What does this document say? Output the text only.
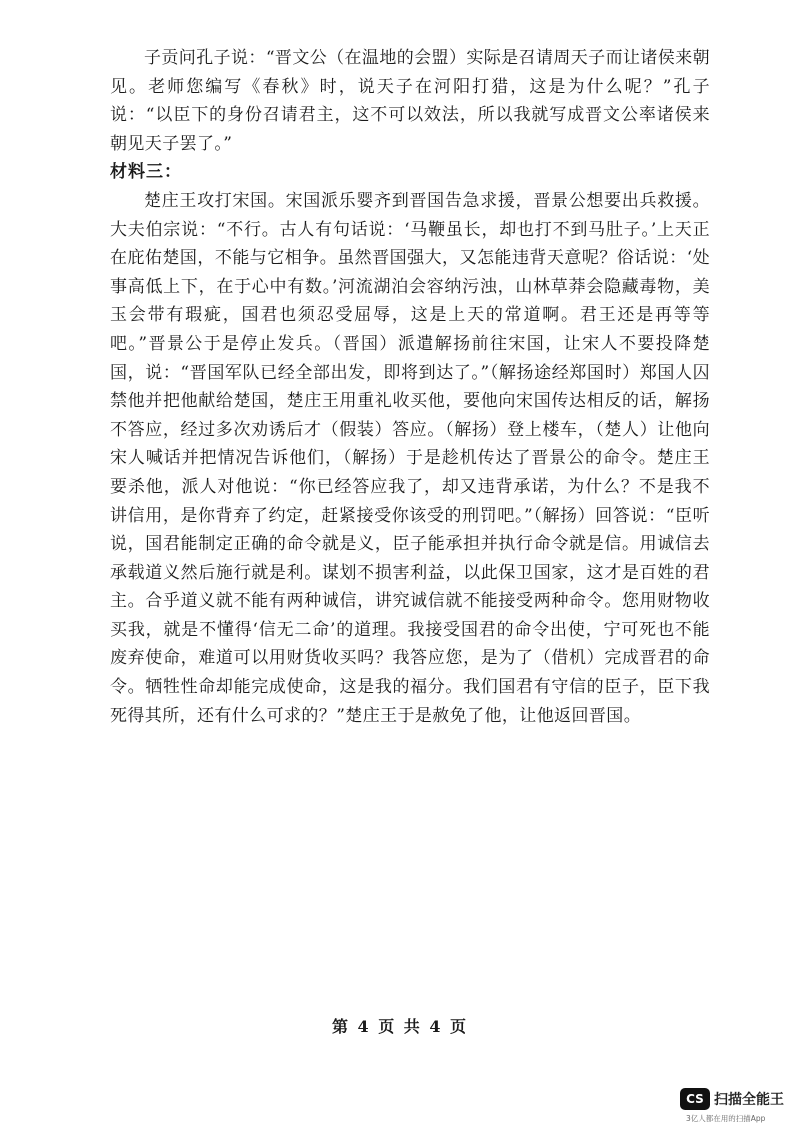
子贡问孔子说：“晋文公（在温地的会盟）实际是召请周天子而让诸侯来朝见。老师您编写《春秋》时，说天子在河阳打猎，这是为什么呢？”孔子说：“以臣下的身份召请君主，这不可以效法，所以我就写成晋文公率诸侯来朝见天子罢了。”

材料三：

楚庄王攻打宋国。宋国派乐婴齐到晋国告急求援，晋景公想要出兵救援。大夫伯宗说：“不行。古人有句话说：‘马鞭虽长，却也打不到马肚子。’上天正在庇佑楚国，不能与它相争。虽然晋国强大，又怎能违背天意呢？俗话说：‘处事高低上下，在于心中有数。’河流湖泊会容纳污浊，山林草莽会隐藏毒物，美玉会带有瑕疵，国君也须忍受屈辱，这是上天的常道啊。君王还是再等等吧。”晋景公于是停止发兵。（晋国）派遣解扬前往宋国，让宋人不要投降楚国，说：“晋国军队已经全部出发，即将到达了。”（解扬途经郑国时）郑国人囚禁他并把他献给楚国，楚庄王用重礼收买他，要他向宋国传达相反的话，解扬不答应，经过多次劝诱后才（假装）答应。（解扬）登上楼车，（楚人）让他向宋人喊话并把情况告诉他们，（解扬）于是趁机传达了晋景公的命令。楚庄王要杀他，派人对他说：“你已经答应我了，却又违背承诺，为什么？不是我不讲信用，是你背弃了约定，赶紧接受你该受的刑罚吧。”（解扬）回答说：“臣听说，国君能制定正确的命令就是义，臣子能承担并执行命令就是信。用诚信去承载道义然后施行就是利。谋划不损害利益，以此保卫国家，这才是百姓的君主。合乎道义就不能有两种诚信，讲究诚信就不能接受两种命令。您用财物收买我，就是不懂得‘信无二命’的道理。我接受国君的命令出使，宁可死也不能废弃使命，难道可以用财货收买吗？我答应您，是为了（借机）完成晋君的命令。牺牲性命却能完成使命，这是我的福分。我们国君有守信的臣子，臣下我死得其所，还有什么可求的？”楚庄王于是赦免了他，让他返回晋国。

第 4 页 共 4 页
CS 扫描全能王
3亿人都在用的扫描App
